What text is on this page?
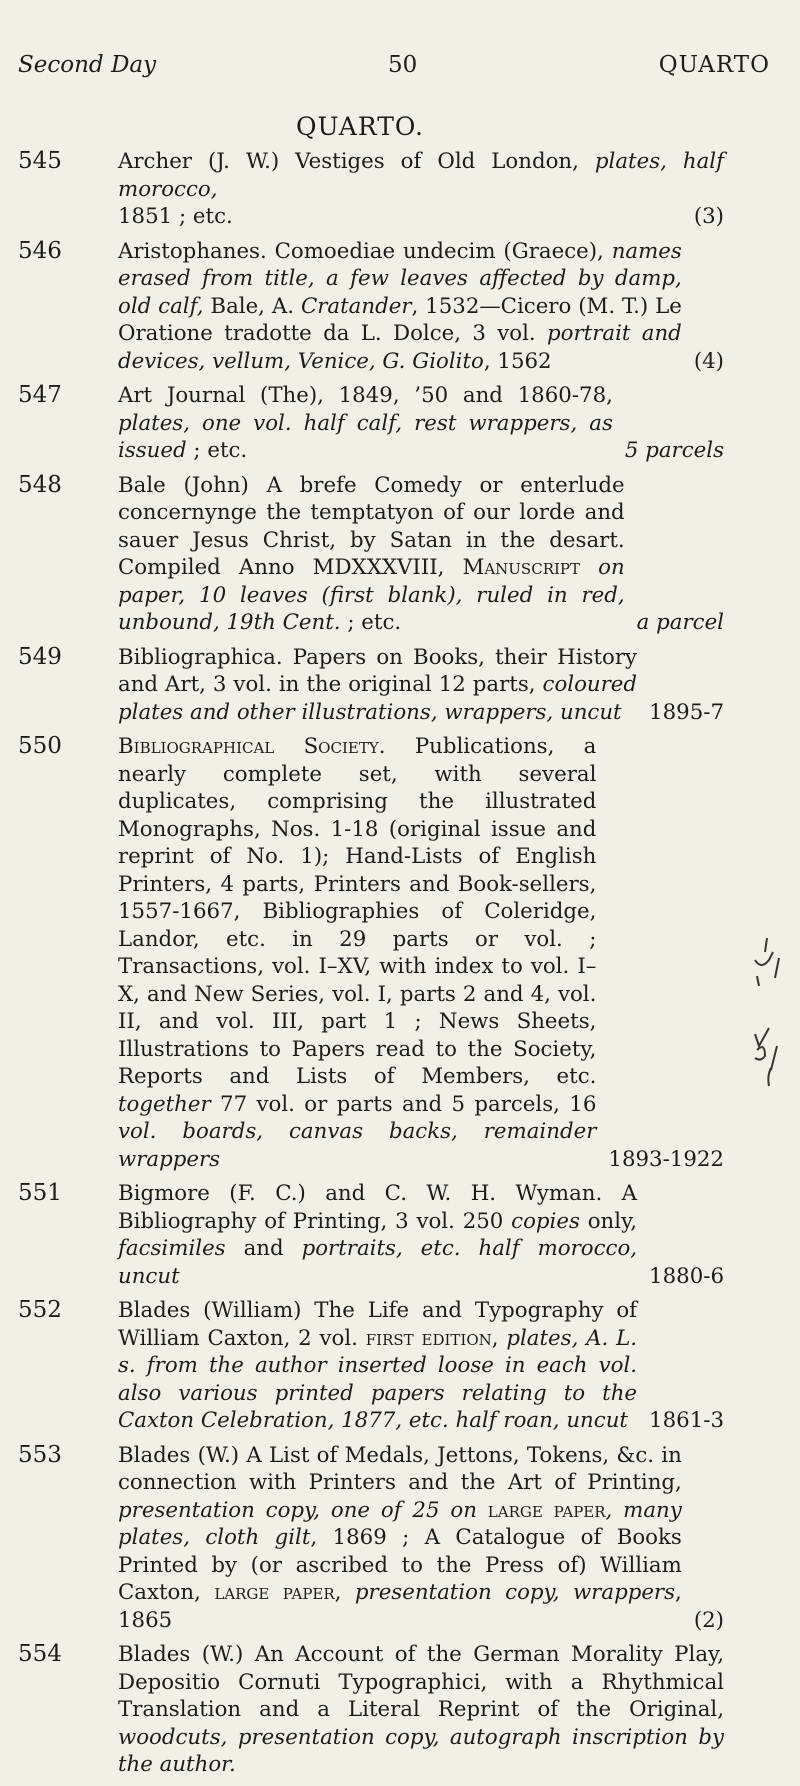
Second Day	50	QUARTO
QUARTO.
545	Archer (J. W.) Vestiges of Old London, plates, half morocco,
1851 ; etc.	(3)
546	Aristophanes. Comoediae undecim (Graece), names erased from title, a few leaves affected by damp, old calf, Bale, A. Cratander, 1532—Cicero (M. T.) Le Oratione tradotte da L. Dolce, 3 vol. portrait and devices, vellum, Venice, G. Giolito, 1562	(4)
547	Art Journal (The), 1849, ’50 and 1860-78, plates, one vol. half calf, rest wrappers, as issued ; etc.	5 parcels
548	Bale (John) A brefe Comedy or enterlude concernynge the temptatyon of our lorde and sauer Jesus Christ, by Satan in the desart. Compiled Anno MDXXXVIII, Manuscript on paper, 10 leaves (first blank), ruled in red, unbound, 19th Cent. ; etc.	a parcel
549	Bibliographica. Papers on Books, their History and Art, 3 vol. in the original 12 parts, coloured plates and other illustrations, wrappers, uncut	1895-7
550	Bibliographical Society. Publications, a nearly complete set, with several duplicates, comprising the illustrated Monographs, Nos. 1-18 (original issue and reprint of No. 1); Hand-Lists of English Printers, 4 parts, Printers and Book-sellers, 1557-1667, Bibliographies of Coleridge, Landor, etc. in 29 parts or vol. ; Transactions, vol. I–XV, with index to vol. I–X, and New Series, vol. I, parts 2 and 4, vol. II, and vol. III, part 1 ; News Sheets, Illustrations to Papers read to the Society, Reports and Lists of Members, etc. together 77 vol. or parts and 5 parcels, 16 vol. boards, canvas backs, remainder wrappers	1893-1922
551	Bigmore (F. C.) and C. W. H. Wyman. A Bibliography of Printing, 3 vol. 250 copies only, facsimiles and portraits, etc. half morocco, uncut	1880-6
552	Blades (William) The Life and Typography of William Caxton, 2 vol. first edition, plates, A. L. s. from the author inserted loose in each vol. also various printed papers relating to the Caxton Celebration, 1877, etc. half roan, uncut 1861-3
553	Blades (W.) A List of Medals, Jettons, Tokens, &c. in connection with Printers and the Art of Printing, presentation copy, one of 25 on large paper, many plates, cloth gilt, 1869 ; A Catalogue of Books Printed by (or ascribed to the Press of) William Caxton, large paper, presentation copy, wrappers, 1865	(2)
554	Blades (W.) An Account of the German Morality Play, Depositio Cornuti Typographici, with a Rhythmical Translation and a Literal Reprint of the Original, woodcuts, presentation copy, autograph inscription by the author.
